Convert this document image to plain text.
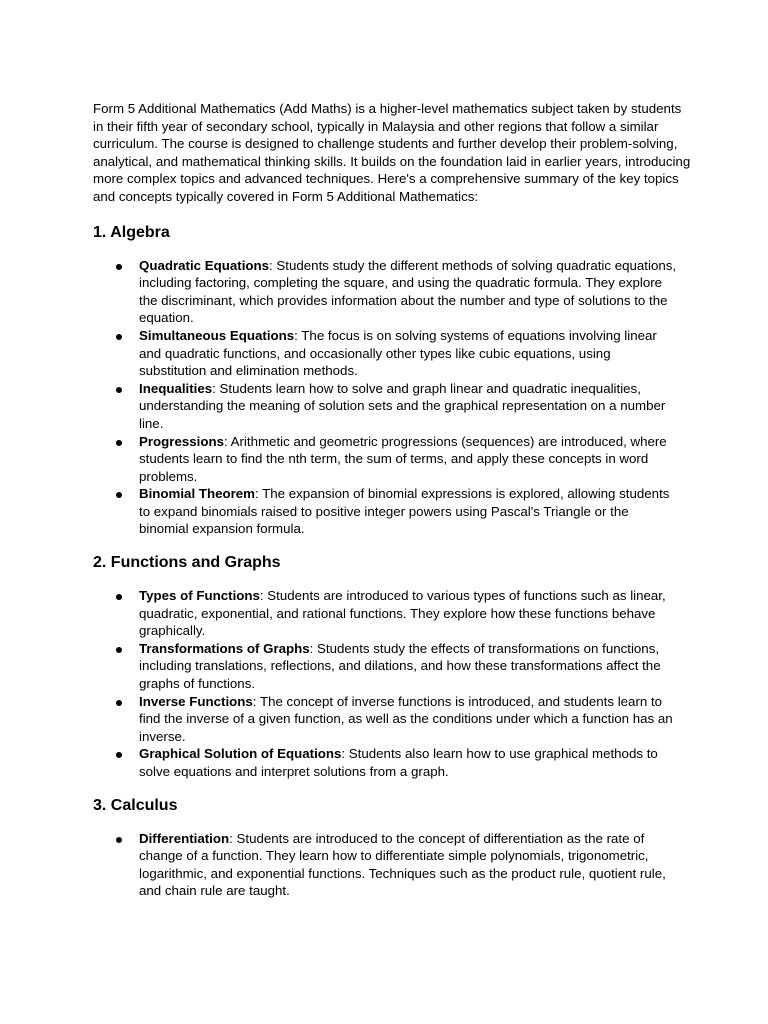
Form 5 Additional Mathematics (Add Maths) is a higher-level mathematics subject taken by students in their fifth year of secondary school, typically in Malaysia and other regions that follow a similar curriculum. The course is designed to challenge students and further develop their problem-solving, analytical, and mathematical thinking skills. It builds on the foundation laid in earlier years, introducing more complex topics and advanced techniques. Here's a comprehensive summary of the key topics and concepts typically covered in Form 5 Additional Mathematics:

1. Algebra
Quadratic Equations: Students study the different methods of solving quadratic equations, including factoring, completing the square, and using the quadratic formula. They explore the discriminant, which provides information about the number and type of solutions to the equation.
Simultaneous Equations: The focus is on solving systems of equations involving linear and quadratic functions, and occasionally other types like cubic equations, using substitution and elimination methods.
Inequalities: Students learn how to solve and graph linear and quadratic inequalities, understanding the meaning of solution sets and the graphical representation on a number line.
Progressions: Arithmetic and geometric progressions (sequences) are introduced, where students learn to find the nth term, the sum of terms, and apply these concepts in word problems.
Binomial Theorem: The expansion of binomial expressions is explored, allowing students to expand binomials raised to positive integer powers using Pascal's Triangle or the binomial expansion formula.
2. Functions and Graphs
Types of Functions: Students are introduced to various types of functions such as linear, quadratic, exponential, and rational functions. They explore how these functions behave graphically.
Transformations of Graphs: Students study the effects of transformations on functions, including translations, reflections, and dilations, and how these transformations affect the graphs of functions.
Inverse Functions: The concept of inverse functions is introduced, and students learn to find the inverse of a given function, as well as the conditions under which a function has an inverse.
Graphical Solution of Equations: Students also learn how to use graphical methods to solve equations and interpret solutions from a graph.
3. Calculus
Differentiation: Students are introduced to the concept of differentiation as the rate of change of a function. They learn how to differentiate simple polynomials, trigonometric, logarithmic, and exponential functions. Techniques such as the product rule, quotient rule, and chain rule are taught.
